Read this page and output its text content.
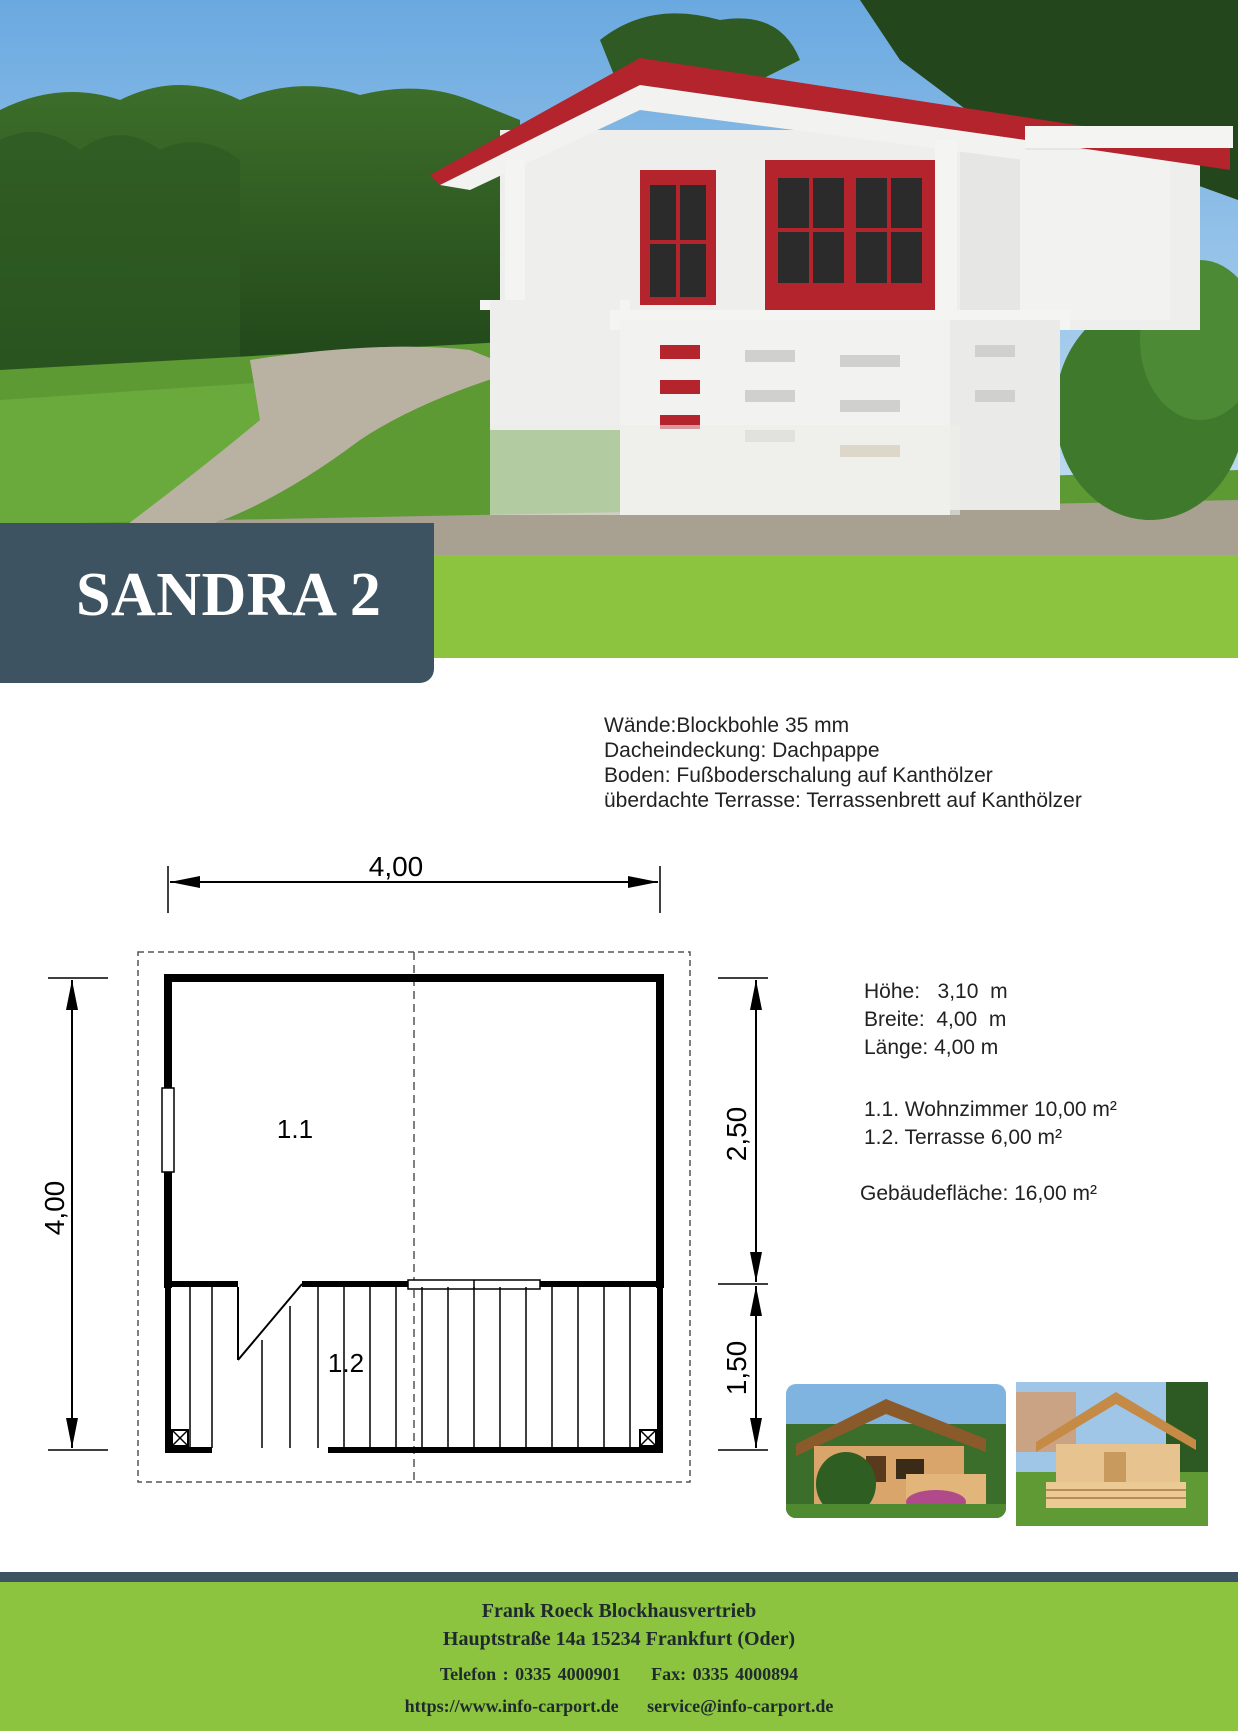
SANDRA 2
Wände:Blockbohle 35 mm
Dacheindeckung: Dachpappe
Boden: Fußboderschalung auf Kanthölzer
überdachte Terrasse: Terrassenbrett auf Kanthölzer
4,00
1.1
1.2
4,00
2,50
1,50
Höhe:   3,10  m
Breite:  4,00  m
Länge: 4,00 m
1.1. Wohnzimmer 10,00 m²
1.2. Terrasse 6,00 m²
Gebäudefläche: 16,00 m²
Frank Roeck Blockhausvertrieb
Hauptstraße 14a 15234 Frankfurt (Oder)
Telefon : 0335 4000901 Fax: 0335 4000894
https://www.info-carport.de service@info-carport.de
